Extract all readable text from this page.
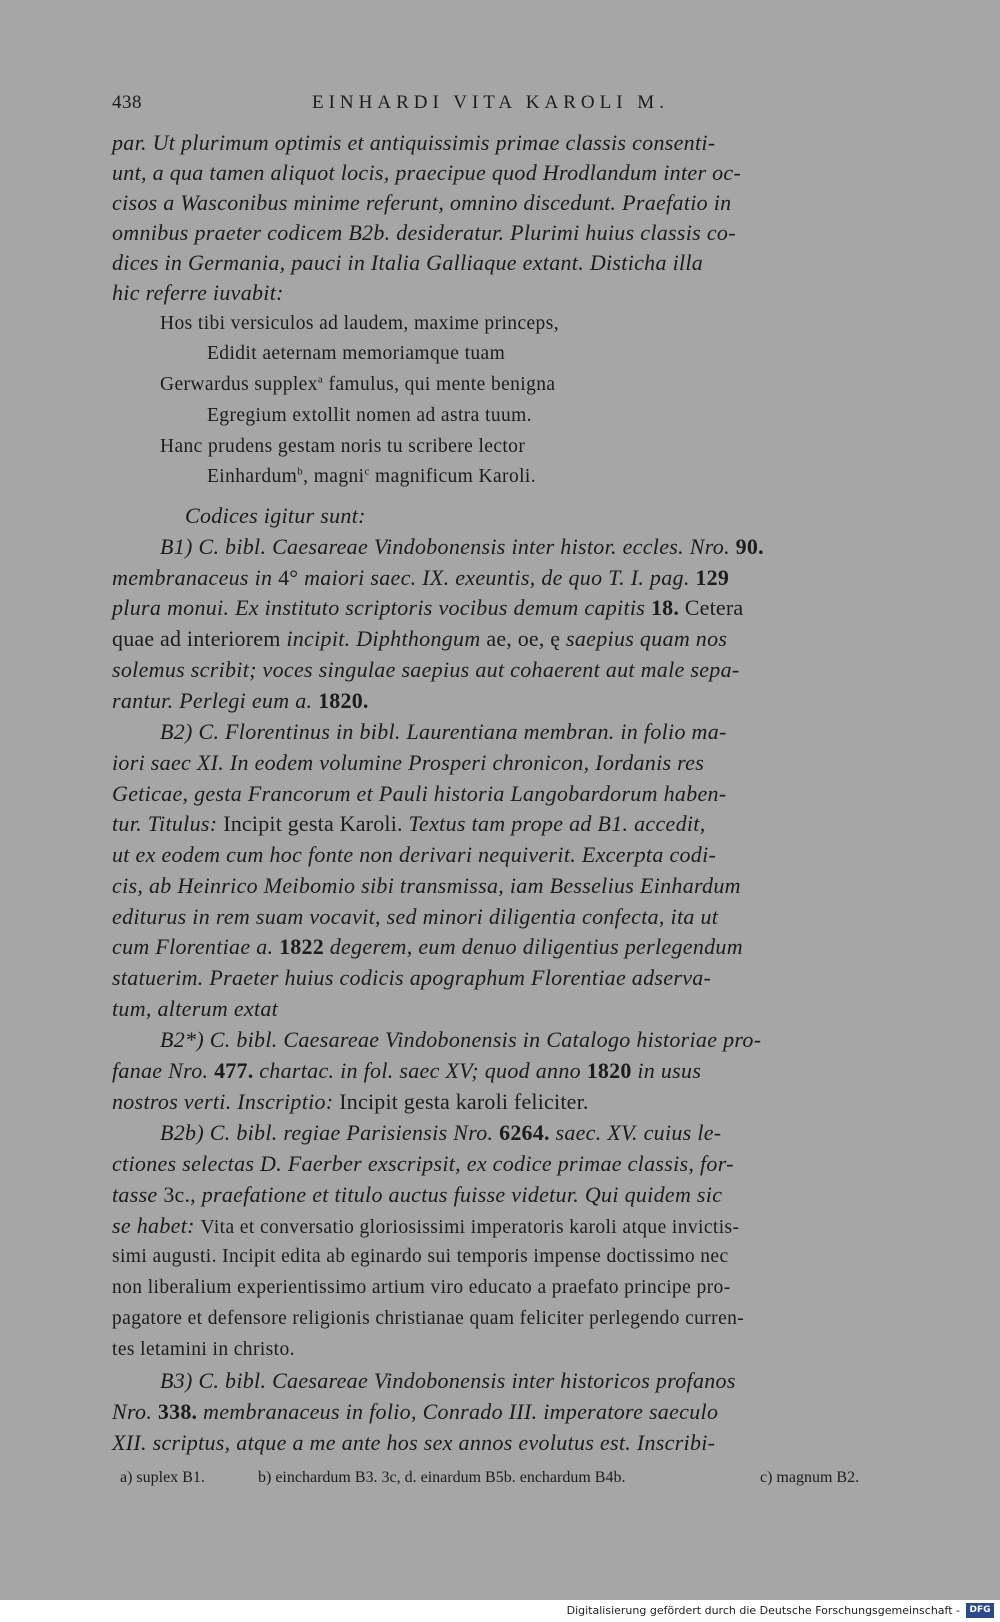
438	EINHARDI VITA KAROLI M.
par. Ut plurimum optimis et antiquissimis primae classis consenti-
unt, a qua tamen aliquot locis, praecipue quod Hrodlandum inter oc-
cisos a Wasconibus minime referunt, omnino discedunt. Praefatio in
omnibus praeter codicem B2b. desideratur. Plurimi huius classis co-
dices in Germania, pauci in Italia Galliaque extant. Disticha illa
hic referre iuvabit:
Hos tibi versiculos ad laudem, maxime princeps,
Edidit aeternam memoriamque tuam
Gerwardus supplex$^a$ famulus, qui mente benigna
Egregium extollit nomen ad astra tuum.
Hanc prudens gestam noris tu scribere lector
Einhardum$^b$, magni$^c$ magnificum Karoli.
Codices igitur sunt:
B1) C. bibl. Caesareae Vindobonensis inter histor. eccles. Nro. 90.
membranaceus in 4° maiori saec. IX. exeuntis, de quo T. I. pag. 129
plura monui. Ex instituto scriptoris vocibus demum capitis 18. Cetera
quae ad interiorem incipit. Diphthongum ae, oe, ę saepius quam nos
solemus scribit; voces singulae saepius aut cohaerent aut male sepa-
rantur. Perlegi eum a. 1820.
B2) C. Florentinus in bibl. Laurentiana membran. in folio ma-
iori saec XI. In eodem volumine Prosperi chronicon, Iordanis res
Geticae, gesta Francorum et Pauli historia Langobardorum haben-
tur. Titulus: Incipit gesta Karoli. Textus tam prope ad B1. accedit,
ut ex eodem cum hoc fonte non derivari nequiverit. Excerpta codi-
cis, ab Heinrico Meibomio sibi transmissa, iam Besselius Einhardum
editurus in rem suam vocavit, sed minori diligentia confecta, ita ut
cum Florentiae a. 1822 degerem, eum denuo diligentius perlegendum
statuerim. Praeter huius codicis apographum Florentiae adserva-
tum, alterum extat
B2*) C. bibl. Caesareae Vindobonensis in Catalogo historiae pro-
fanae Nro. 477. chartac. in fol. saec XV; quod anno 1820 in usus
nostros verti. Inscriptio: Incipit gesta karoli feliciter.
B2b) C. bibl. regiae Parisiensis Nro. 6264. saec. XV. cuius le-
ctiones selectas D. Faerber exscripsit, ex codice primae classis, for-
tasse 3c., praefatione et titulo auctus fuisse videtur. Qui quidem sic
se habet: Vita et conversatio gloriosissimi imperatoris karoli atque invictis-
simi augusti. Incipit edita ab eginardo sui temporis impense doctissimo nec
non liberalium experientissimo artium viro educato a praefato principe pro-
pagatore et defensore religionis christianae quam feliciter perlegendo curren-
tes letamini in christo.
B3) C. bibl. Caesareae Vindobonensis inter historicos profanos
Nro. 338. membranaceus in folio, Conrado III. imperatore saeculo
XII. scriptus, atque a me ante hos sex annos evolutus est. Inscribi-
a) suplex B1.	b) einchardum B3. 3c, d. einardum B5b. enchardum B4b.	c) magnum B2.
Digitalisierung gefördert durch die Deutsche Forschungsgemeinschaft -	DFG
